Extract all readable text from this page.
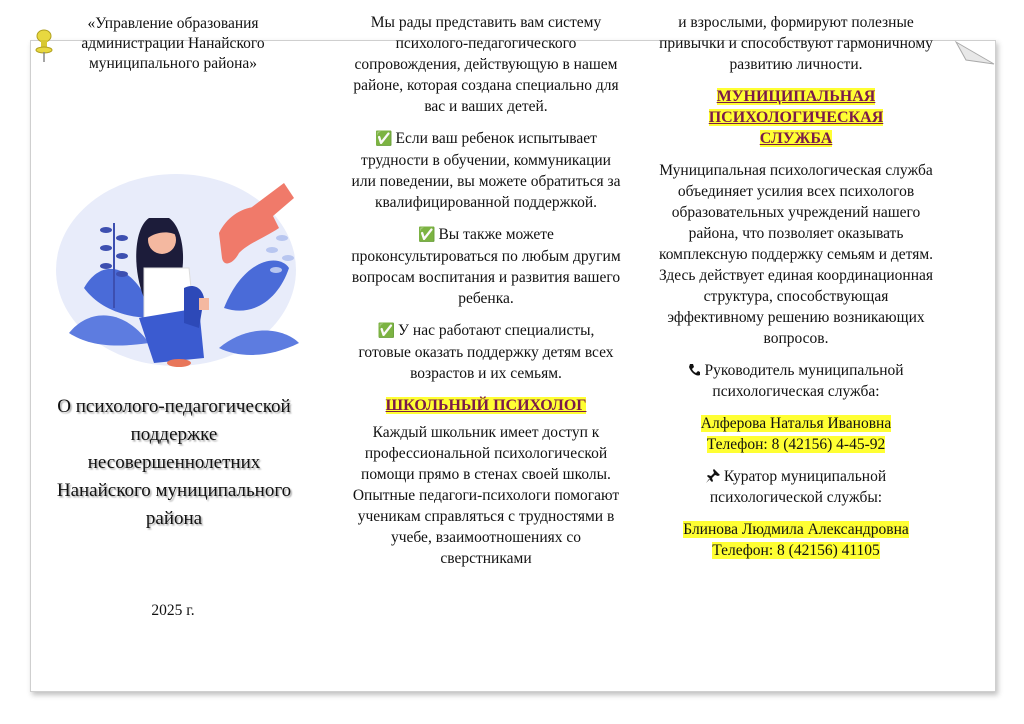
«Управление образования
администрации Нанайского
муниципального района»
О психолого-педагогической
поддержке
несовершеннолетних
Нанайского муниципального
района
2025 г.

Мы рады представить вам систему психолого-педагогического сопровождения, действующую в нашем районе, которая создана специально для вас и ваших детей.

✅ Если ваш ребенок испытывает трудности в обучении, коммуникации или поведении, вы можете обратиться за квалифицированной поддержкой.

✅ Вы также можете проконсультироваться по любым другим вопросам воспитания и развития вашего ребенка.

✅ У нас работают специалисты, готовые оказать поддержку детям всех возрастов и их семьям.

ШКОЛЬНЫЙ ПСИХОЛОГ

Каждый школьник имеет доступ к профессиональной психологической помощи прямо в стенах своей школы. Опытные педагоги-психологи помогают ученикам справляться с трудностями в учебе, взаимоотношениях со сверстниками

и взрослыми, формируют полезные привычки и способствуют гармоничному развитию личности.

МУНИЦИПАЛЬНАЯ
ПСИХОЛОГИЧЕСКАЯ
СЛУЖБА

Муниципальная психологическая служба объединяет усилия всех психологов образовательных учреждений нашего района, что позволяет оказывать комплексную поддержку семьям и детям. Здесь действует единая координационная структура, способствующая эффективному решению возникающих вопросов.

Руководитель муниципальной психологическая служба:

Алферова Наталья Ивановна
Телефон: 8 (42156) 4-45-92

Куратор муниципальной психологической службы:

Блинова Людмила Александровна
Телефон: 8 (42156) 41105
